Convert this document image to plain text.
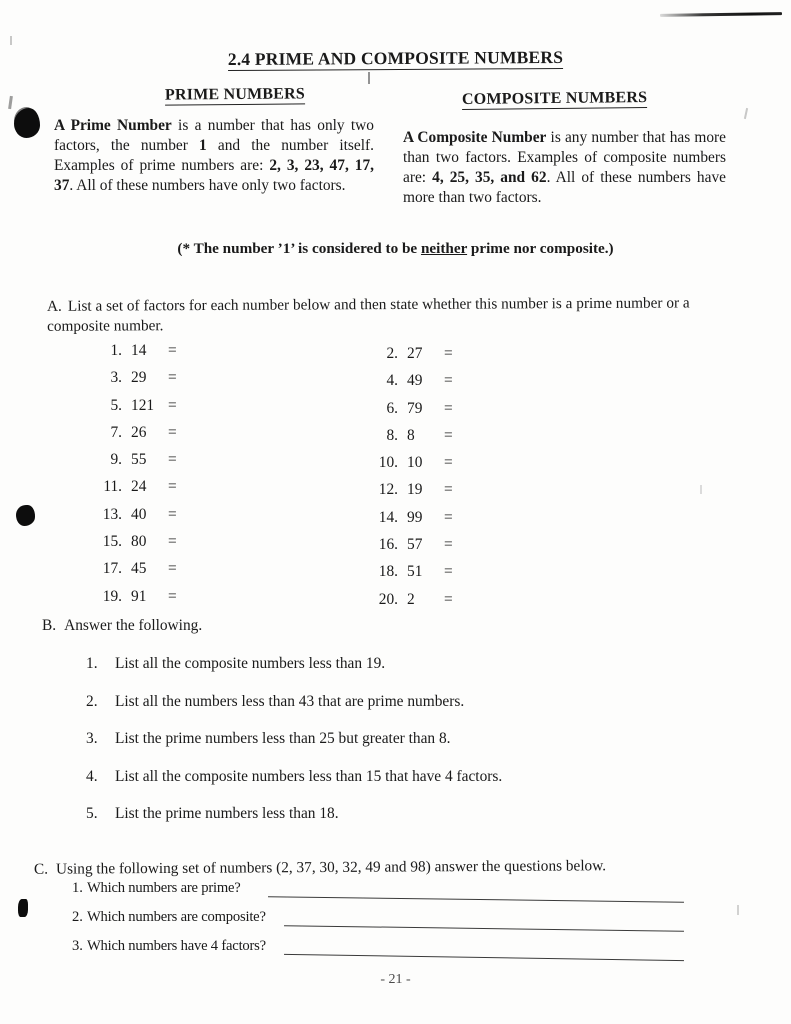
2.4 PRIME AND COMPOSITE NUMBERS
PRIME NUMBERS	COMPOSITE NUMBERS
A Prime Number is a number that has only two factors, the number 1 and the number itself. Examples of prime numbers are: 2, 3, 23, 47, 17, 37. All of these numbers have only two factors.
A Composite Number is any number that has more than two factors. Examples of composite numbers are: 4, 25, 35, and 62. All of these numbers have more than two factors.
(* The number ’1’ is considered to be neither prime nor composite.)
A. List a set of factors for each number below and then state whether this number is a prime number or a composite number.
1. 14	=
3. 29	=
5. 121 =
7. 26	=
9. 55	=
11. 24	=
13. 40	=
15. 80	=
17. 45	=
19. 91	=
2. 27	=
4. 49	=
6. 79	=
8. 8	=
10. 10	=
12. 19	=
14. 99	=
16. 57	=
18. 51	=
20. 2	=
B. Answer the following.
1.	List all the composite numbers less than 19.
2.	List all the numbers less than 43 that are prime numbers.
3.	List the prime numbers less than 25 but greater than 8.
4.	List all the composite numbers less than 15 that have 4 factors.
5.	List the prime numbers less than 18.
C. Using the following set of numbers (2, 37, 30, 32, 49 and 98) answer the questions below.
1. Which numbers are prime?
2. Which numbers are composite?
3. Which numbers have 4 factors?
- 21 -
